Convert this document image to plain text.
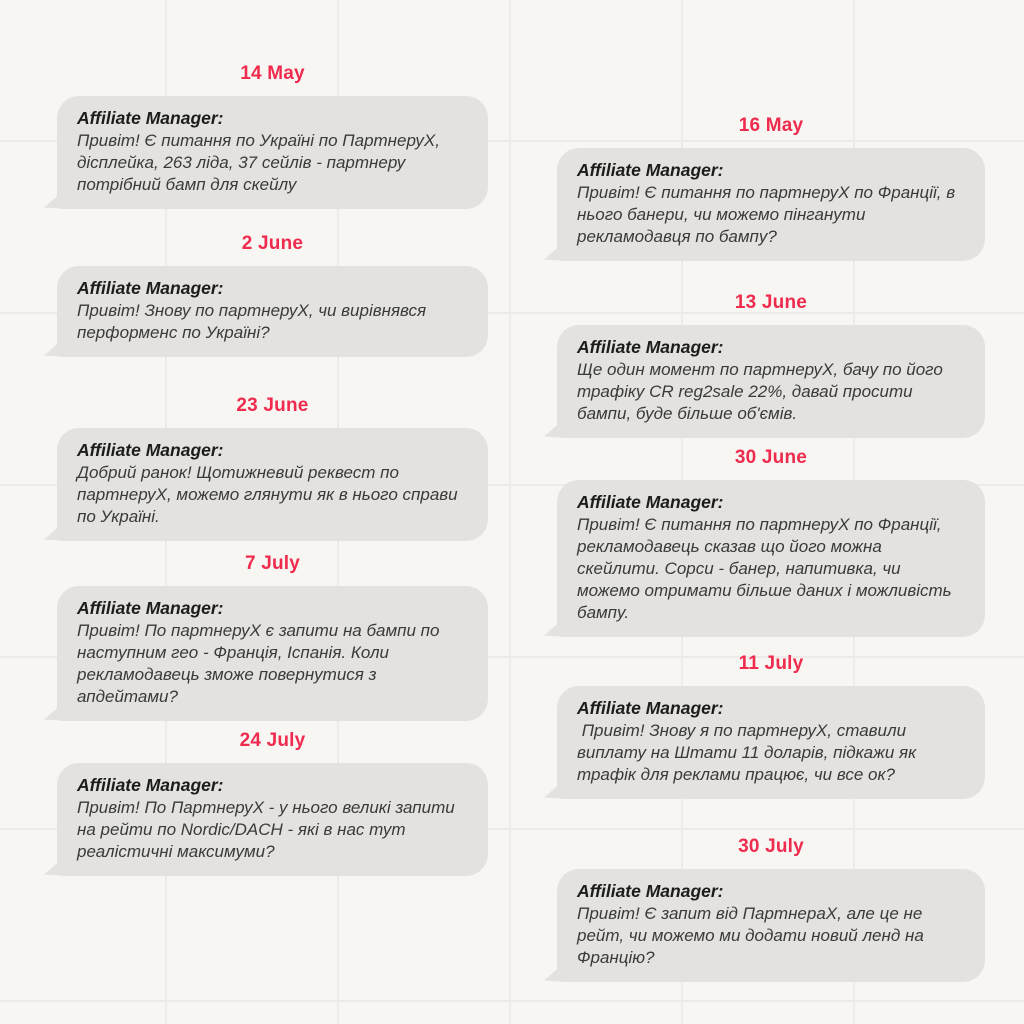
14 May
Affiliate Manager:
Привіт! Є питання по Україні по ПартнеруХ, дісплейка, 263 ліда, 37 сейлів - партнеру потрібний бамп для скейлу
2 June
Affiliate Manager:
Привіт! Знову по партнеруХ, чи вирівнявся перформенс по Україні?
23 June
Affiliate Manager:
Добрий ранок! Щотижневий реквест по партнеруХ, можемо глянути як в нього справи по Україні.
7 July
Affiliate Manager:
Привіт! По партнеруХ є запити на бампи по наступним гео - Франція, Іспанія. Коли рекламодавець зможе повернутися з апдейтами?
24 July
Affiliate Manager:
Привіт! По ПартнеруХ - у нього великі запити на рейти по Nordic/DACH - які в нас тут реалістичні максимуми?
16 May
Affiliate Manager:
Привіт! Є питання по партнеруХ по Франції, в нього банери, чи можемо пінганути рекламодавця по бампу?
13 June
Affiliate Manager:
Ще один момент по партнеруХ, бачу по його трафіку CR reg2sale 22%, давай просити бампи, буде більше об'ємів.
30 June
Affiliate Manager:
Привіт! Є питання по партнеруХ по Франції, рекламодавець сказав що його можна скейлити. Сорси - банер, напитивка, чи можемо отримати більше даних і можливість бампу.
11 July
Affiliate Manager:
Привіт! Знову я по партнеруХ, ставили виплату на Штати 11 доларів, підкажи як трафік для реклами працює, чи все ок?
30 July
Affiliate Manager:
Привіт! Є запит від ПартнераХ, але це не рейт, чи можемо ми додати новий ленд на Францію?
